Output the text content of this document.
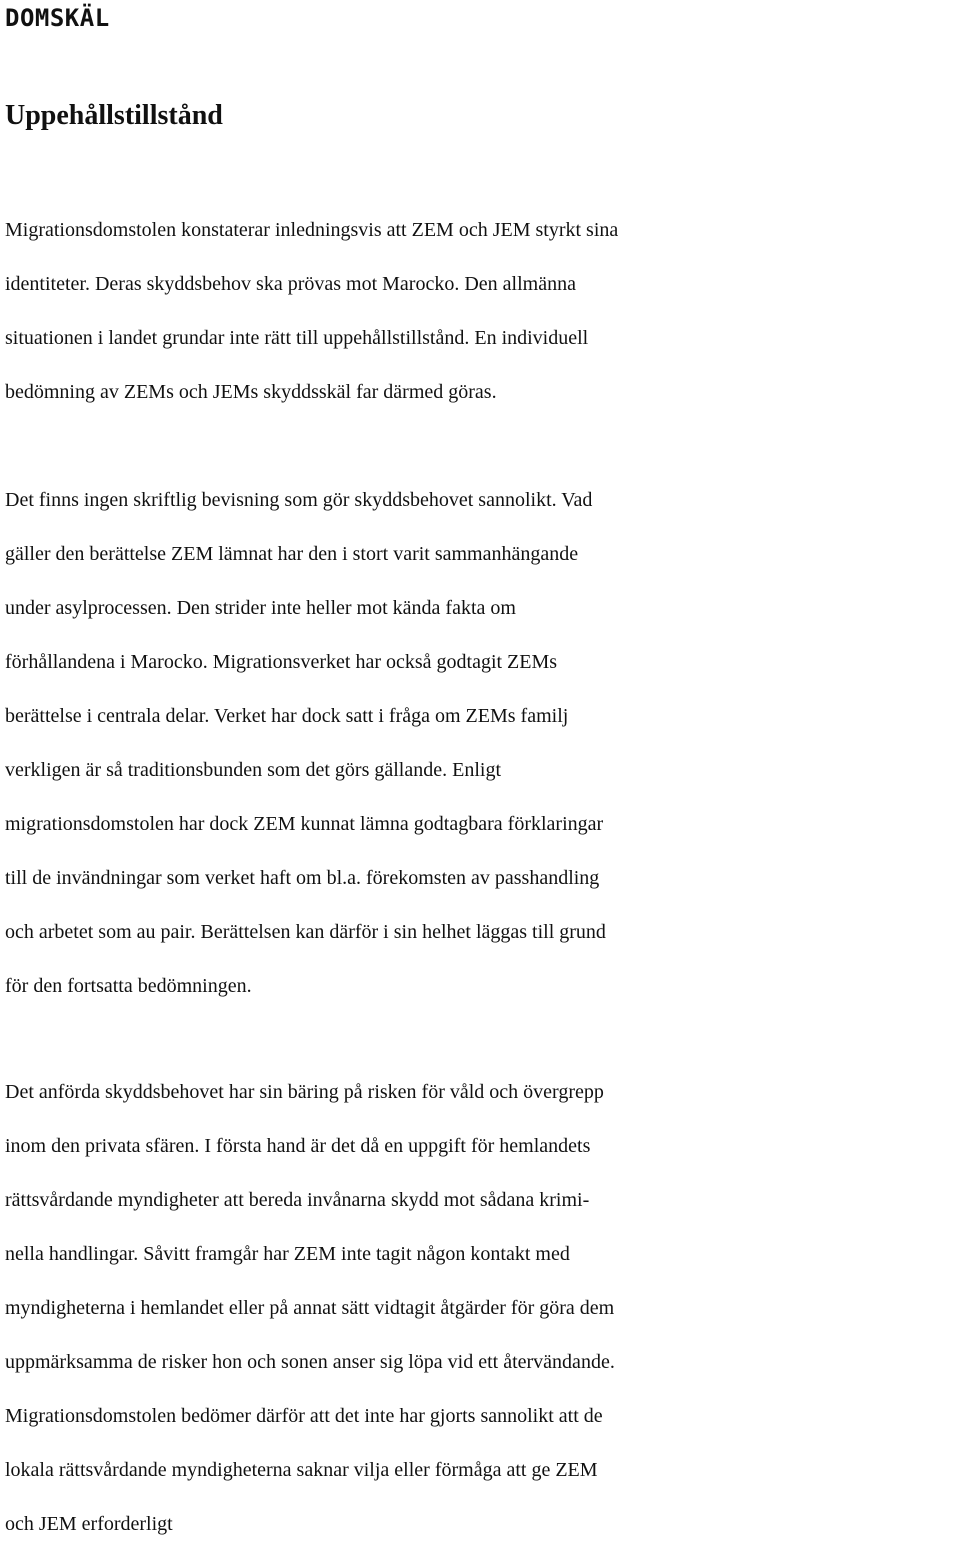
DOMSKÄL
Uppehållstillstånd

Migrationsdomstolen konstaterar inledningsvis att ZEM och JEM styrkt sina
identiteter. Deras skyddsbehov ska prövas mot Marocko. Den allmänna
situationen i landet grundar inte rätt till uppehållstillstånd. En individuell
bedömning av ZEMs och JEMs skyddsskäl far därmed göras.

Det finns ingen skriftlig bevisning som gör skyddsbehovet sannolikt. Vad
gäller den berättelse ZEM lämnat har den i stort varit sammanhängande
under asylprocessen. Den strider inte heller mot kända fakta om
förhållandena i Marocko. Migrationsverket har också godtagit ZEMs
berättelse i centrala delar. Verket har dock satt i fråga om ZEMs familj
verkligen är så traditionsbunden som det görs gällande. Enligt
migrationsdomstolen har dock ZEM kunnat lämna godtagbara förklaringar
till de invändningar som verket haft om bl.a. förekomsten av passhandling
och arbetet som au pair. Berättelsen kan därför i sin helhet läggas till grund
för den fortsatta bedömningen.

Det anförda skyddsbehovet har sin bäring på risken för våld och övergrepp
inom den privata sfären. I första hand är det då en uppgift för hemlandets
rättsvårdande myndigheter att bereda invånarna skydd mot sådana krimi-
nella handlingar. Såvitt framgår har ZEM inte tagit någon kontakt med
myndigheterna i hemlandet eller på annat sätt vidtagit åtgärder för göra dem
uppmärksamma de risker hon och sonen anser sig löpa vid ett återvändande.
Migrationsdomstolen bedömer därför att det inte har gjorts sannolikt att de
lokala rättsvårdande myndigheterna saknar vilja eller förmåga att ge ZEM
och JEM erforderligt
